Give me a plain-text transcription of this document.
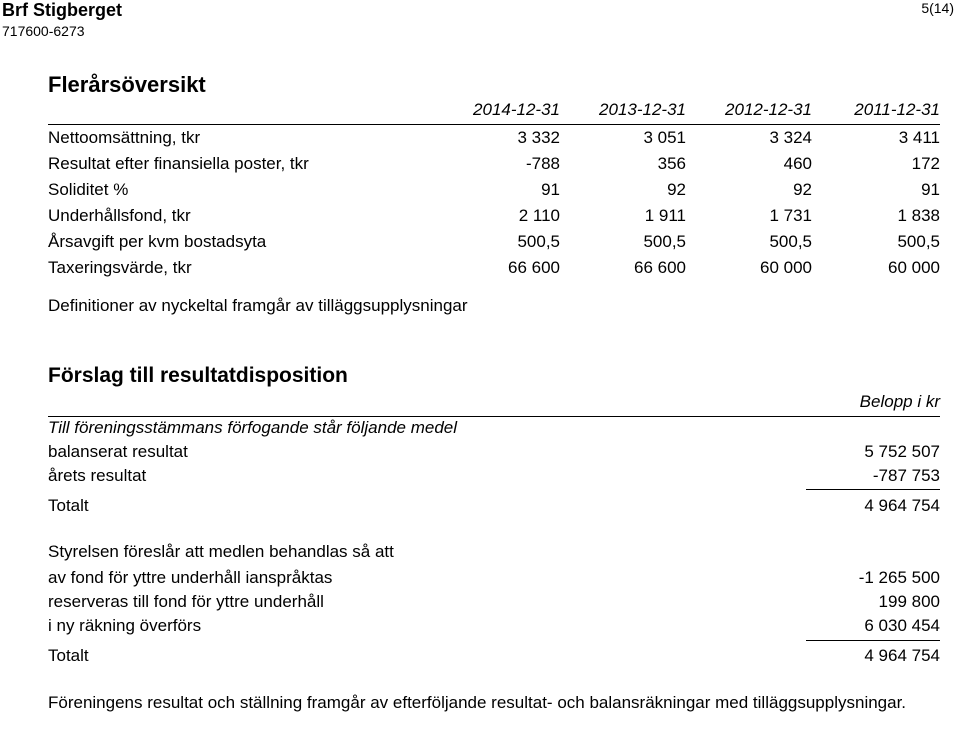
Brf Stigberget
717600-6273
5(14)
Flerårsöversikt
2014-12-31	2013-12-31	2012-12-31	2011-12-31
Nettoomsättning, tkr	3 332	3 051	3 324	3 411
Resultat efter finansiella poster, tkr	-788	356	460	172
Soliditet %	91	92	92	91
Underhållsfond, tkr	2 110	1 911	1 731	1 838
Årsavgift per kvm bostadsyta	500,5	500,5	500,5	500,5
Taxeringsvärde, tkr	66 600	66 600	60 000	60 000
Definitioner av nyckeltal framgår av tilläggsupplysningar
Förslag till resultatdisposition
Belopp i kr
Till föreningsstämmans förfogande står följande medel
balanserat resultat	5 752 507
årets resultat	-787 753
Totalt	4 964 754
Styrelsen föreslår att medlen behandlas så att
av fond för yttre underhåll ianspråktas	-1 265 500
reserveras till fond för yttre underhåll	199 800
i ny räkning överförs	6 030 454
Totalt	4 964 754
Föreningens resultat och ställning framgår av efterföljande resultat- och balansräkningar med tilläggsupplysningar.
